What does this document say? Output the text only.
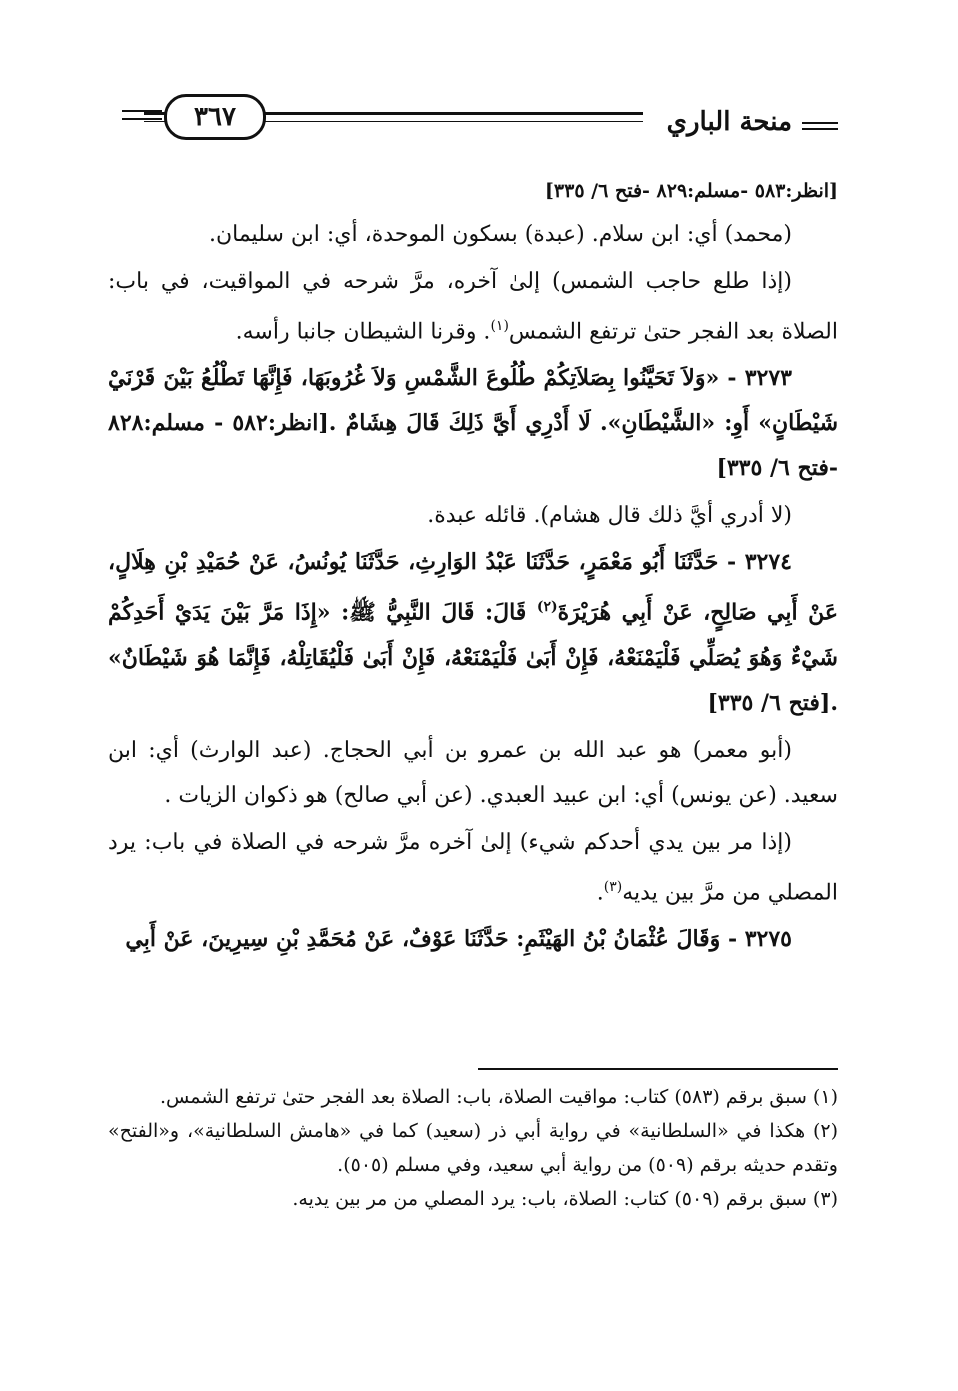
منحة الباري
٣٦٧

[انظر:٥٨٣ -مسلم:٨٢٩ -فتح ٦/ ٣٣٥]

(محمد) أي: ابن سلام. (عبدة) بسكون الموحدة، أي: ابن سليمان.

(إذا طلع حاجب الشمس) إلىٰ آخره، مرَّ شرحه في المواقيت، في باب: الصلاة بعد الفجر حتىٰ ترتفع الشمس$^{(١)}$. وقرنا الشيطان جانبا رأسه.

٣٢٧٣ - «وَلاَ تَحَيَّنُوا بِصَلاَتِكُمْ طُلُوعَ الشَّمْسِ وَلاَ غُرُوبَهَا، فَإِنَّهَا تَطْلُعُ بَيْنَ قَرْنَيْ شَيْطَانٍ» أَوِ: «الشَّيْطَانِ». لَا أَدْرِي أَيَّ ذَلِكَ قَالَ هِشَامٌ .[انظر:٥٨٢ - مسلم:٨٢٨ -فتح ٦/ ٣٣٥]

(لا أدري أيَّ ذلك قال هشام). قائله عبدة.

٣٢٧٤ - حَدَّثَنَا أَبُو مَعْمَرٍ، حَدَّثَنَا عَبْدُ الوَارِثِ، حَدَّثَنَا يُونُسُ، عَنْ حُمَيْدِ بْنِ هِلَالٍ، عَنْ أَبِي صَالِحٍ، عَنْ أَبِي هُرَيْرَةَ$^{(٢)}$ قَالَ: قَالَ النَّبِيُّ ﷺ: «إِذَا مَرَّ بَيْنَ يَدَيْ أَحَدِكُمْ شَيْءٌ وَهُوَ يُصَلِّي فَلْيَمْنَعْهُ، فَإِنْ أَبَىٰ فَلْيَمْنَعْهُ، فَإِنْ أَبَىٰ فَلْيُقَاتِلْهُ، فَإِنَّمَا هُوَ شَيْطَانٌ» .[فتح ٦/ ٣٣٥]

(أبو معمر) هو عبد الله بن عمرو بن أبي الحجاج. (عبد الوارث) أي: ابن سعيد. (عن يونس) أي: ابن عبيد العبدي. (عن أبي صالح) هو ذكوان الزيات .

(إذا مر بين يدي أحدكم شيء) إلىٰ آخره مرَّ شرحه في الصلاة في باب: يرد المصلي من مرَّ بين يديه$^{(٣)}$.

٣٢٧٥ - وَقَالَ عُثْمَانُ بْنُ الهَيْثَمِ: حَدَّثَنَا عَوْفٌ، عَنْ مُحَمَّدِ بْنِ سِيرِينَ، عَنْ أَبِي

(١) سبق برقم (٥٨٣) كتاب: مواقيت الصلاة، باب: الصلاة بعد الفجر حتىٰ ترتفع الشمس.

(٢) هكذا في «السلطانية» في رواية أبي ذر (سعيد) كما في «هامش السلطانية»، و«الفتح» وتقدم حديثه برقم (٥٠٩) من رواية أبي سعيد، وفي مسلم (٥٠٥).

(٣) سبق برقم (٥٠٩) كتاب: الصلاة، باب: يرد المصلي من مر بين يديه.
